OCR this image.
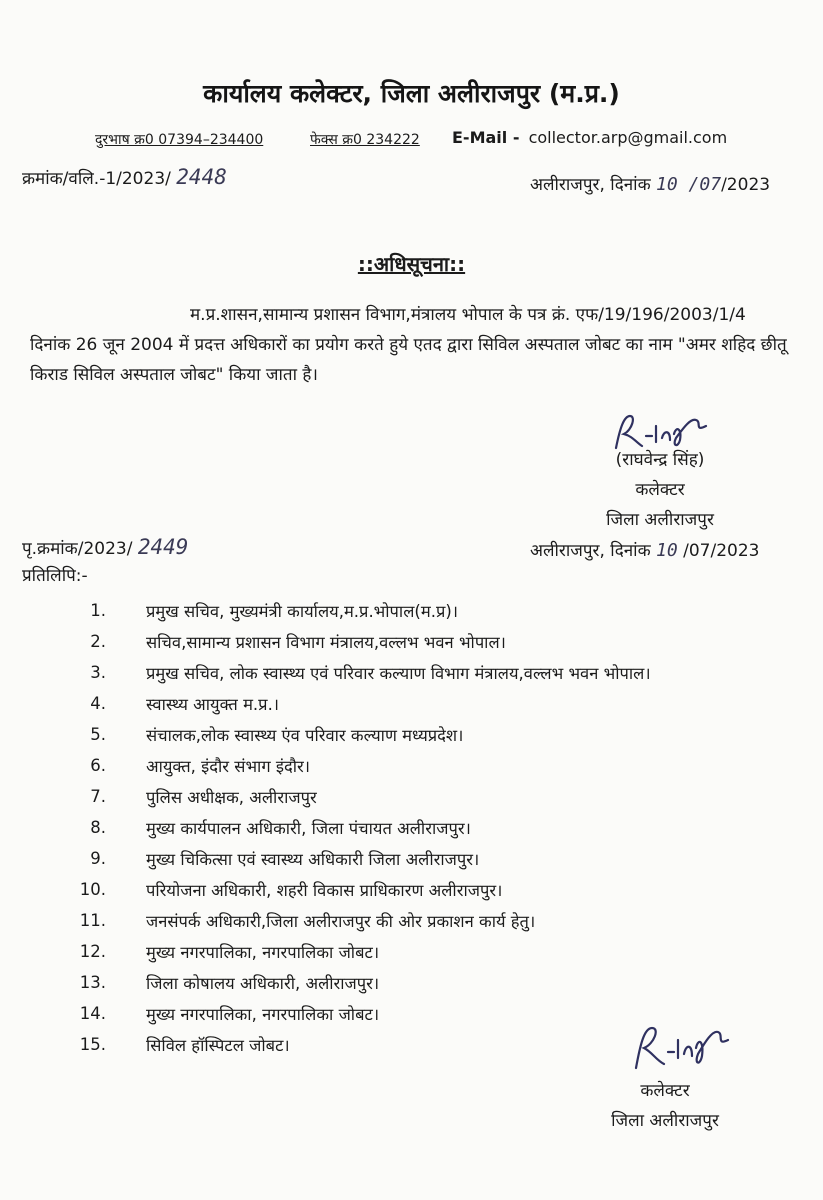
कार्यालय कलेक्टर, जिला अलीराजपुर (म.प्र.)
दुरभाष क्र0 07394–234400	फेक्स क्र0 234222 E-Mail - collector.arp@gmail.com
क्रमांक/वलि.-1/2023/ 2448	अलीराजपुर, दिनांक 10 /07/2023
::अधिसूचना::
म.प्र.शासन,सामान्य प्रशासन विभाग,मंत्रालय भोपाल के पत्र क्रं. एफ/19/196/2003/1/4 दिनांक 26 जून 2004 में प्रदत्त अधिकारों का प्रयोग करते हुये एतद द्वारा सिविल अस्पताल जोबट का नाम "अमर शहिद छीतू किराड सिविल अस्पताल जोबट" किया जाता है।
(राघवेन्द्र सिंह)
कलेक्टर
जिला अलीराजपुर
पृ.क्रमांक/2023/ 2449	अलीराजपुर, दिनांक 10 /07/2023
प्रतिलिपि:-
1. प्रमुख सचिव, मुख्यमंत्री कार्यालय,म.प्र.भोपाल(म.प्र)।
2. सचिव,सामान्य प्रशासन विभाग मंत्रालय,वल्लभ भवन भोपाल।
3. प्रमुख सचिव, लोक स्वास्थ्य एवं परिवार कल्याण विभाग मंत्रालय,वल्लभ भवन भोपाल।
4. स्वास्थ्य आयुक्त म.प्र.।
5. संचालक,लोक स्वास्थ्य एंव परिवार कल्याण मध्यप्रदेश।
6. आयुक्त, इंदौर संभाग इंदौर।
7. पुलिस अधीक्षक, अलीराजपुर
8. मुख्य कार्यपालन अधिकारी, जिला पंचायत अलीराजपुर।
9. मुख्य चिकित्सा एवं स्वास्थ्य अधिकारी जिला अलीराजपुर।
10. परियोजना अधिकारी, शहरी विकास प्राधिकारण अलीराजपुर।
11. जनसंपर्क अधिकारी,जिला अलीराजपुर की ओर प्रकाशन कार्य हेतु।
12. मुख्य नगरपालिका, नगरपालिका जोबट।
13. जिला कोषालय अधिकारी, अलीराजपुर।
14. मुख्य नगरपालिका, नगरपालिका जोबट।
15. सिविल हॉस्पिटल जोबट।
कलेक्टर
जिला अलीराजपुर
